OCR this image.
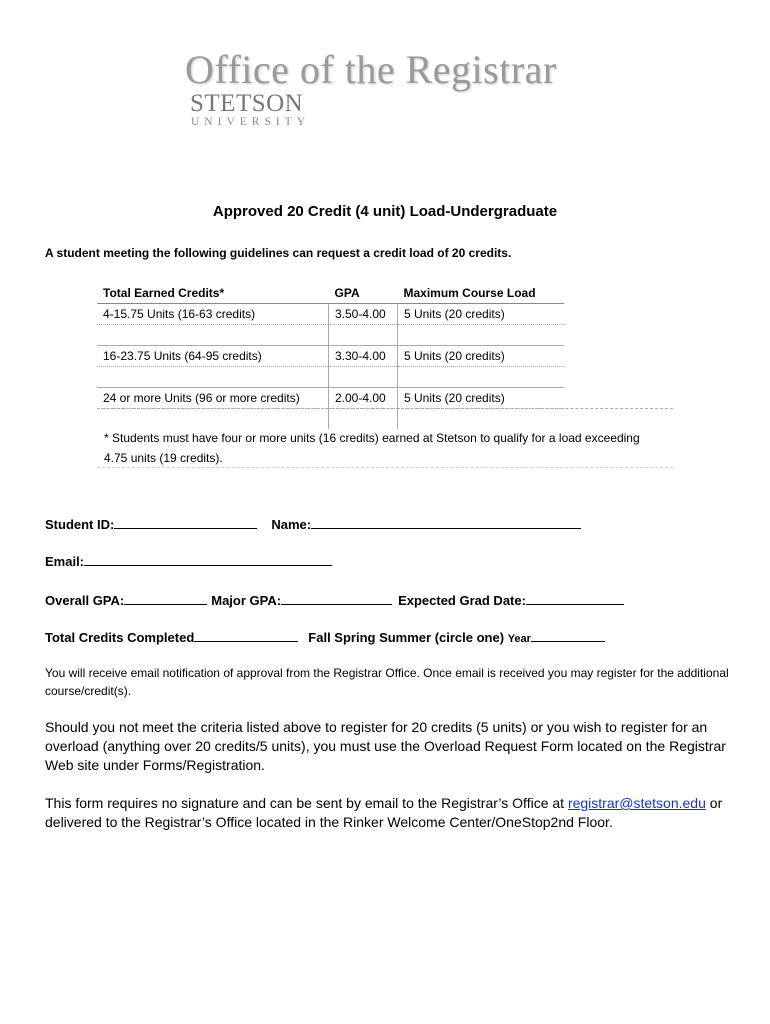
Office of the Registrar
STETSON
UNIVERSITY
Approved 20 Credit (4 unit) Load-Undergraduate
A student meeting the following guidelines can request a credit load of 20 credits.
Total Earned Credits*	GPA	Maximum Course Load
4-15.75 Units (16-63 credits)	3.50-4.00	5 Units (20 credits)

16-23.75 Units (64-95 credits)	3.30-4.00	5 Units (20 credits)

24 or more Units (96 or more credits)	2.00-4.00	5 Units (20 credits)

* Students must have four or more units (16 credits) earned at Stetson to qualify for a load exceeding 4.75 units (19 credits).
Student ID:	Name:
Email:
Overall GPA:	Major GPA:	Expected Grad Date:
Total Credits Completed	Fall Spring Summer (circle one) Year
You will receive email notification of approval from the Registrar Office. Once email is received you may register for the additional course/credit(s).
Should you not meet the criteria listed above to register for 20 credits (5 units) or you wish to register for an overload (anything over 20 credits/5 units), you must use the Overload Request Form located on the Registrar Web site under Forms/Registration.
This form requires no signature and can be sent by email to the Registrar’s Office at registrar@stetson.edu or delivered to the Registrar’s Office located in the Rinker Welcome Center/OneStop2nd Floor.
